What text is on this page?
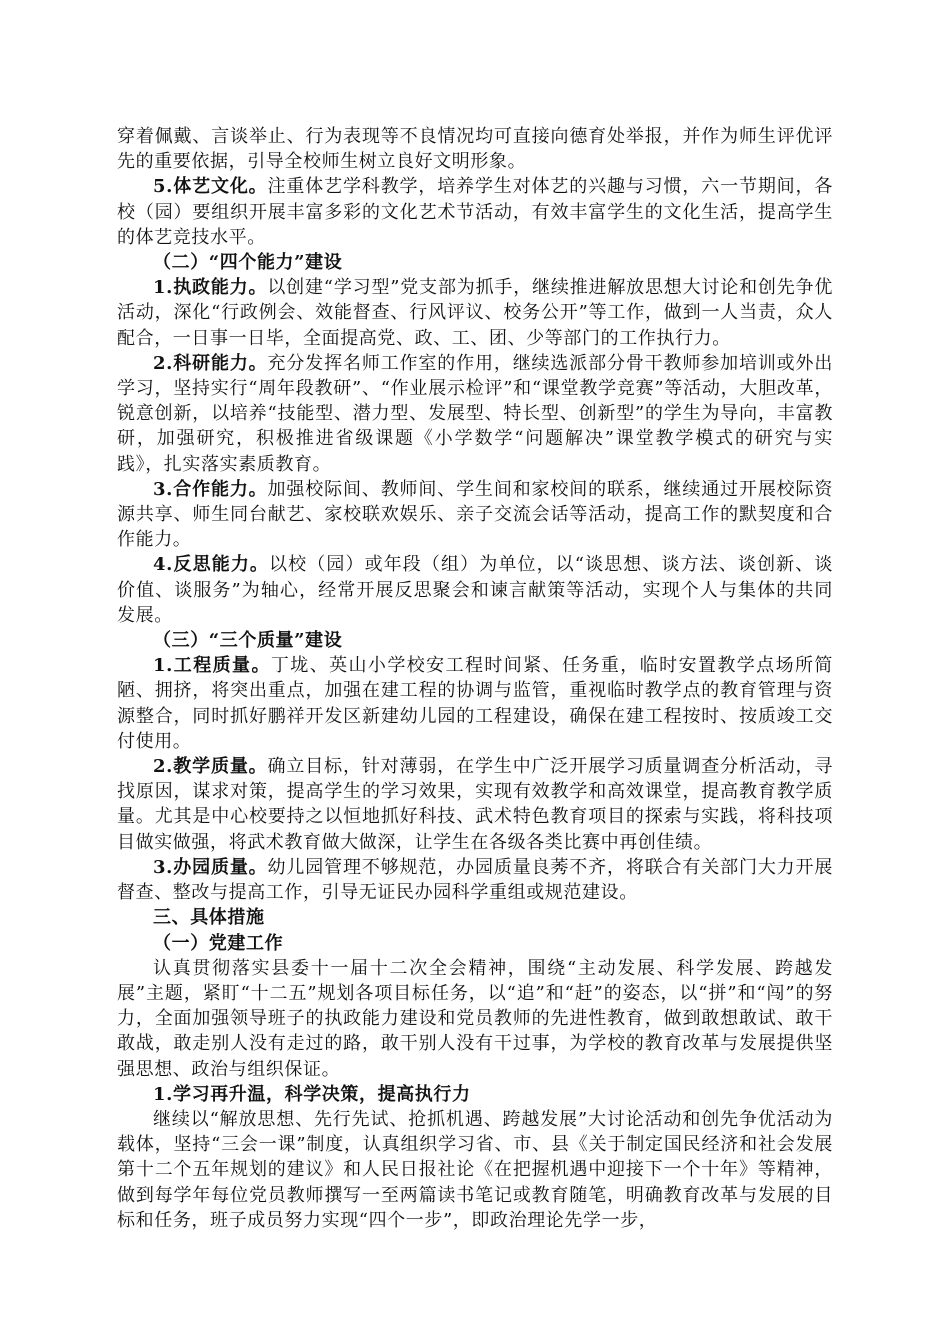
穿着佩戴、言谈举止、行为表现等不良情况均可直接向德育处举报，并作为师生评优评先的重要依据，引导全校师生树立良好文明形象。

5.体艺文化。注重体艺学科教学，培养学生对体艺的兴趣与习惯，六一节期间，各校（园）要组织开展丰富多彩的文化艺术节活动，有效丰富学生的文化生活，提高学生的体艺竞技水平。

（二）“四个能力”建设

1.执政能力。以创建“学习型”党支部为抓手，继续推进解放思想大讨论和创先争优活动，深化“行政例会、效能督查、行风评议、校务公开”等工作，做到一人当责，众人配合，一日事一日毕，全面提高党、政、工、团、少等部门的工作执行力。

2.科研能力。充分发挥名师工作室的作用，继续选派部分骨干教师参加培训或外出学习，坚持实行“周年段教研”、“作业展示检评”和“课堂教学竞赛”等活动，大胆改革，锐意创新，以培养“技能型、潜力型、发展型、特长型、创新型”的学生为导向，丰富教研，加强研究，积极推进省级课题《小学数学“问题解决”课堂教学模式的研究与实践》，扎实落实素质教育。

3.合作能力。加强校际间、教师间、学生间和家校间的联系，继续通过开展校际资源共享、师生同台献艺、家校联欢娱乐、亲子交流会话等活动，提高工作的默契度和合作能力。

4.反思能力。以校（园）或年段（组）为单位，以“谈思想、谈方法、谈创新、谈价值、谈服务”为轴心，经常开展反思聚会和谏言献策等活动，实现个人与集体的共同发展。

（三）“三个质量”建设

1.工程质量。丁垅、英山小学校安工程时间紧、任务重，临时安置教学点场所简陋、拥挤，将突出重点，加强在建工程的协调与监管，重视临时教学点的教育管理与资源整合，同时抓好鹏祥开发区新建幼儿园的工程建设，确保在建工程按时、按质竣工交付使用。

2.教学质量。确立目标，针对薄弱，在学生中广泛开展学习质量调查分析活动，寻找原因，谋求对策，提高学生的学习效果，实现有效教学和高效课堂，提高教育教学质量。尤其是中心校要持之以恒地抓好科技、武术特色教育项目的探索与实践，将科技项目做实做强，将武术教育做大做深，让学生在各级各类比赛中再创佳绩。

3.办园质量。幼儿园管理不够规范，办园质量良莠不齐，将联合有关部门大力开展督查、整改与提高工作，引导无证民办园科学重组或规范建设。

三、具体措施

（一）党建工作

认真贯彻落实县委十一届十二次全会精神，围绕“主动发展、科学发展、跨越发展”主题，紧盯“十二五”规划各项目标任务，以“追”和“赶”的姿态，以“拼”和“闯”的努力，全面加强领导班子的执政能力建设和党员教师的先进性教育，做到敢想敢试、敢干敢战，敢走别人没有走过的路，敢干别人没有干过事，为学校的教育改革与发展提供坚强思想、政治与组织保证。

1.学习再升温，科学决策，提高执行力

继续以“解放思想、先行先试、抢抓机遇、跨越发展”大讨论活动和创先争优活动为载体，坚持“三会一课”制度，认真组织学习省、市、县《关于制定国民经济和社会发展第十二个五年规划的建议》和人民日报社论《在把握机遇中迎接下一个十年》等精神，做到每学年每位党员教师撰写一至两篇读书笔记或教育随笔，明确教育改革与发展的目标和任务，班子成员努力实现“四个一步”，即政治理论先学一步，
